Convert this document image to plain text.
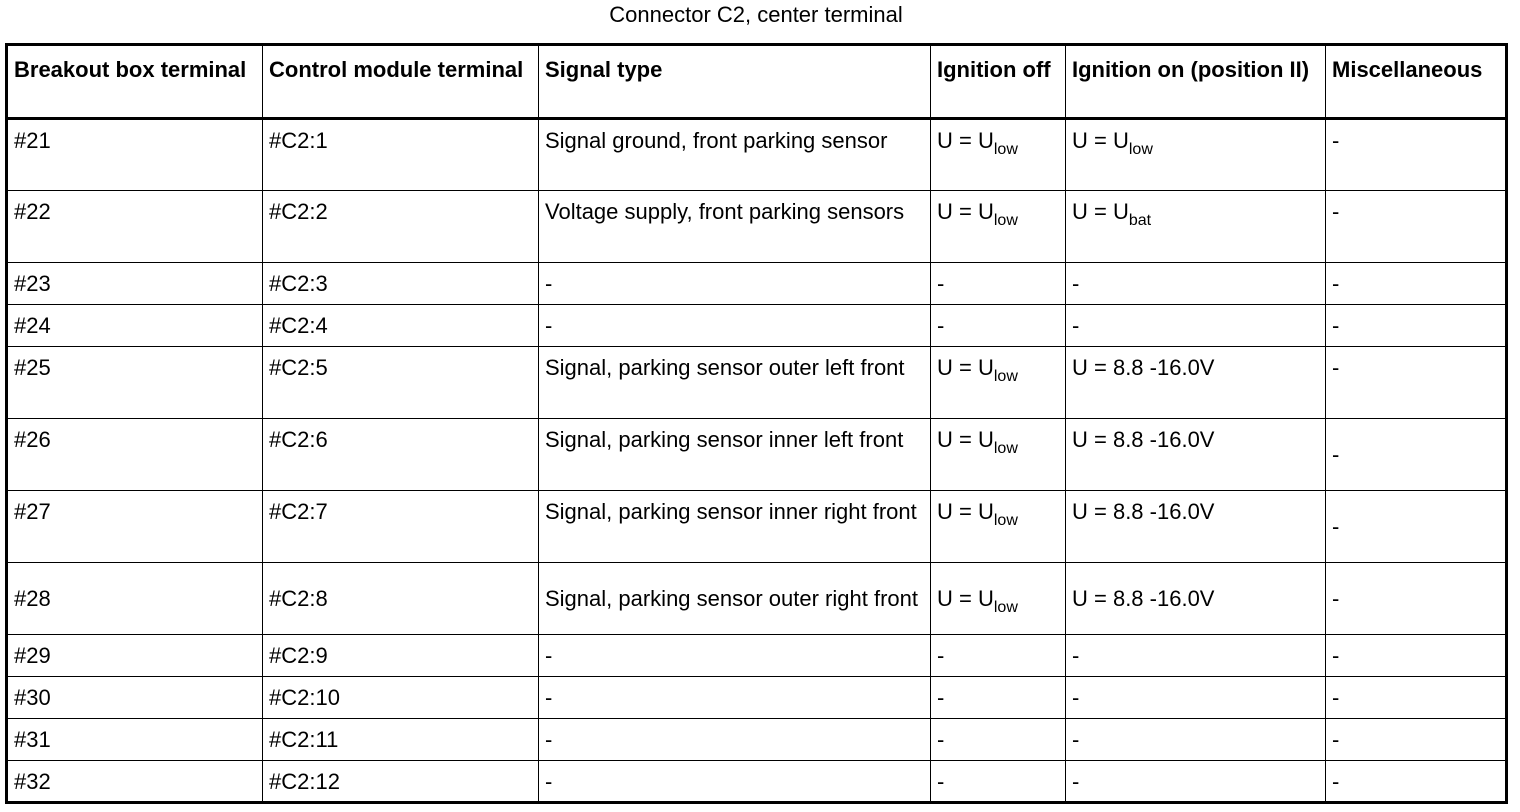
Connector C2, center terminal
Breakout box terminal	Control module terminal	Signal type	Ignition off	Ignition on (position II)	Miscellaneous
#21	#C2:1	Signal ground, front parking sensor	$U = U_{low}$	$U = U_{low}$	-
#22	#C2:2	Voltage supply, front parking sensors	$U = U_{low}$	$U = U_{bat}$	-
#23	#C2:3	-	-	-	-
#24	#C2:4	-	-	-	-
#25	#C2:5	Signal, parking sensor outer left front	$U = U_{low}$	U = 8.8 -16.0V	-
#26	#C2:6	Signal, parking sensor inner left front	$U = U_{low}$	U = 8.8 -16.0V	-
#27	#C2:7	Signal, parking sensor inner right front	$U = U_{low}$	U = 8.8 -16.0V	-
#28	#C2:8	Signal, parking sensor outer right front	$U = U_{low}$	U = 8.8 -16.0V	-
#29	#C2:9	-	-	-	-
#30	#C2:10	-	-	-	-
#31	#C2:11	-	-	-	-
#32	#C2:12	-	-	-	-
